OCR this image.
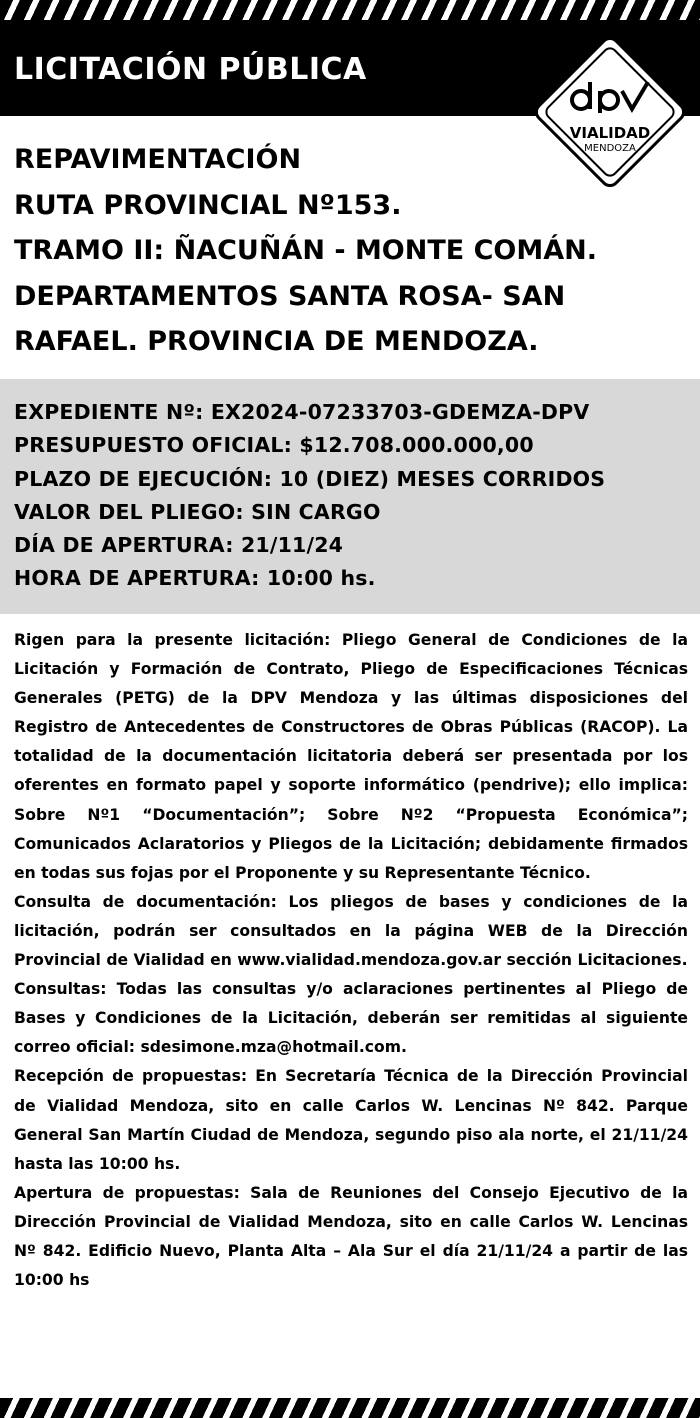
LICITACIÓN PÚBLICA
VIALIDAD
MENDOZA
REPAVIMENTACIÓN
RUTA PROVINCIAL Nº153.
TRAMO II: ÑACUÑÁN - MONTE COMÁN.
DEPARTAMENTOS SANTA ROSA- SAN
RAFAEL. PROVINCIA DE MENDOZA.
EXPEDIENTE Nº: EX2024-07233703-GDEMZA-DPV
PRESUPUESTO OFICIAL: $12.708.000.000,00
PLAZO DE EJECUCIÓN: 10 (DIEZ) MESES CORRIDOS
VALOR DEL PLIEGO: SIN CARGO
DÍA DE APERTURA: 21/11/24
HORA DE APERTURA: 10:00 hs.

Rigen para la presente licitación: Pliego General de Condiciones de la Licitación y Formación de Contrato, Pliego de Especificaciones Técnicas Generales (PETG) de la DPV Mendoza y las últimas disposiciones del Registro de Antecedentes de Constructores de Obras Públicas (RACOP). La totalidad de la documentación licitatoria deberá ser presentada por los oferentes en formato papel y soporte informático (pendrive); ello implica: Sobre Nº1 “Documentación”; Sobre Nº2 “Propuesta Económica”; Comunicados Aclaratorios y Pliegos de la Licitación; debidamente firmados en todas sus fojas por el Proponente y su Representante Técnico.

Consulta de documentación: Los pliegos de bases y condiciones de la licitación, podrán ser consultados en la página WEB de la Dirección Provincial de Vialidad en www.vialidad.mendoza.gov.ar sección Licitaciones.

Consultas: Todas las consultas y/o aclaraciones pertinentes al Pliego de Bases y Condiciones de la Licitación, deberán ser remitidas al siguiente correo oficial: sdesimone.mza@hotmail.com.

Recepción de propuestas: En Secretaría Técnica de la Dirección Provincial de Vialidad Mendoza, sito en calle Carlos W. Lencinas Nº 842. Parque General San Martín Ciudad de Mendoza, segundo piso ala norte, el 21/11/24 hasta las 10:00 hs.

Apertura de propuestas: Sala de Reuniones del Consejo Ejecutivo de la Dirección Provincial de Vialidad Mendoza, sito en calle Carlos W. Lencinas Nº 842. Edificio Nuevo, Planta Alta – Ala Sur el día 21/11/24 a partir de las 10:00 hs
